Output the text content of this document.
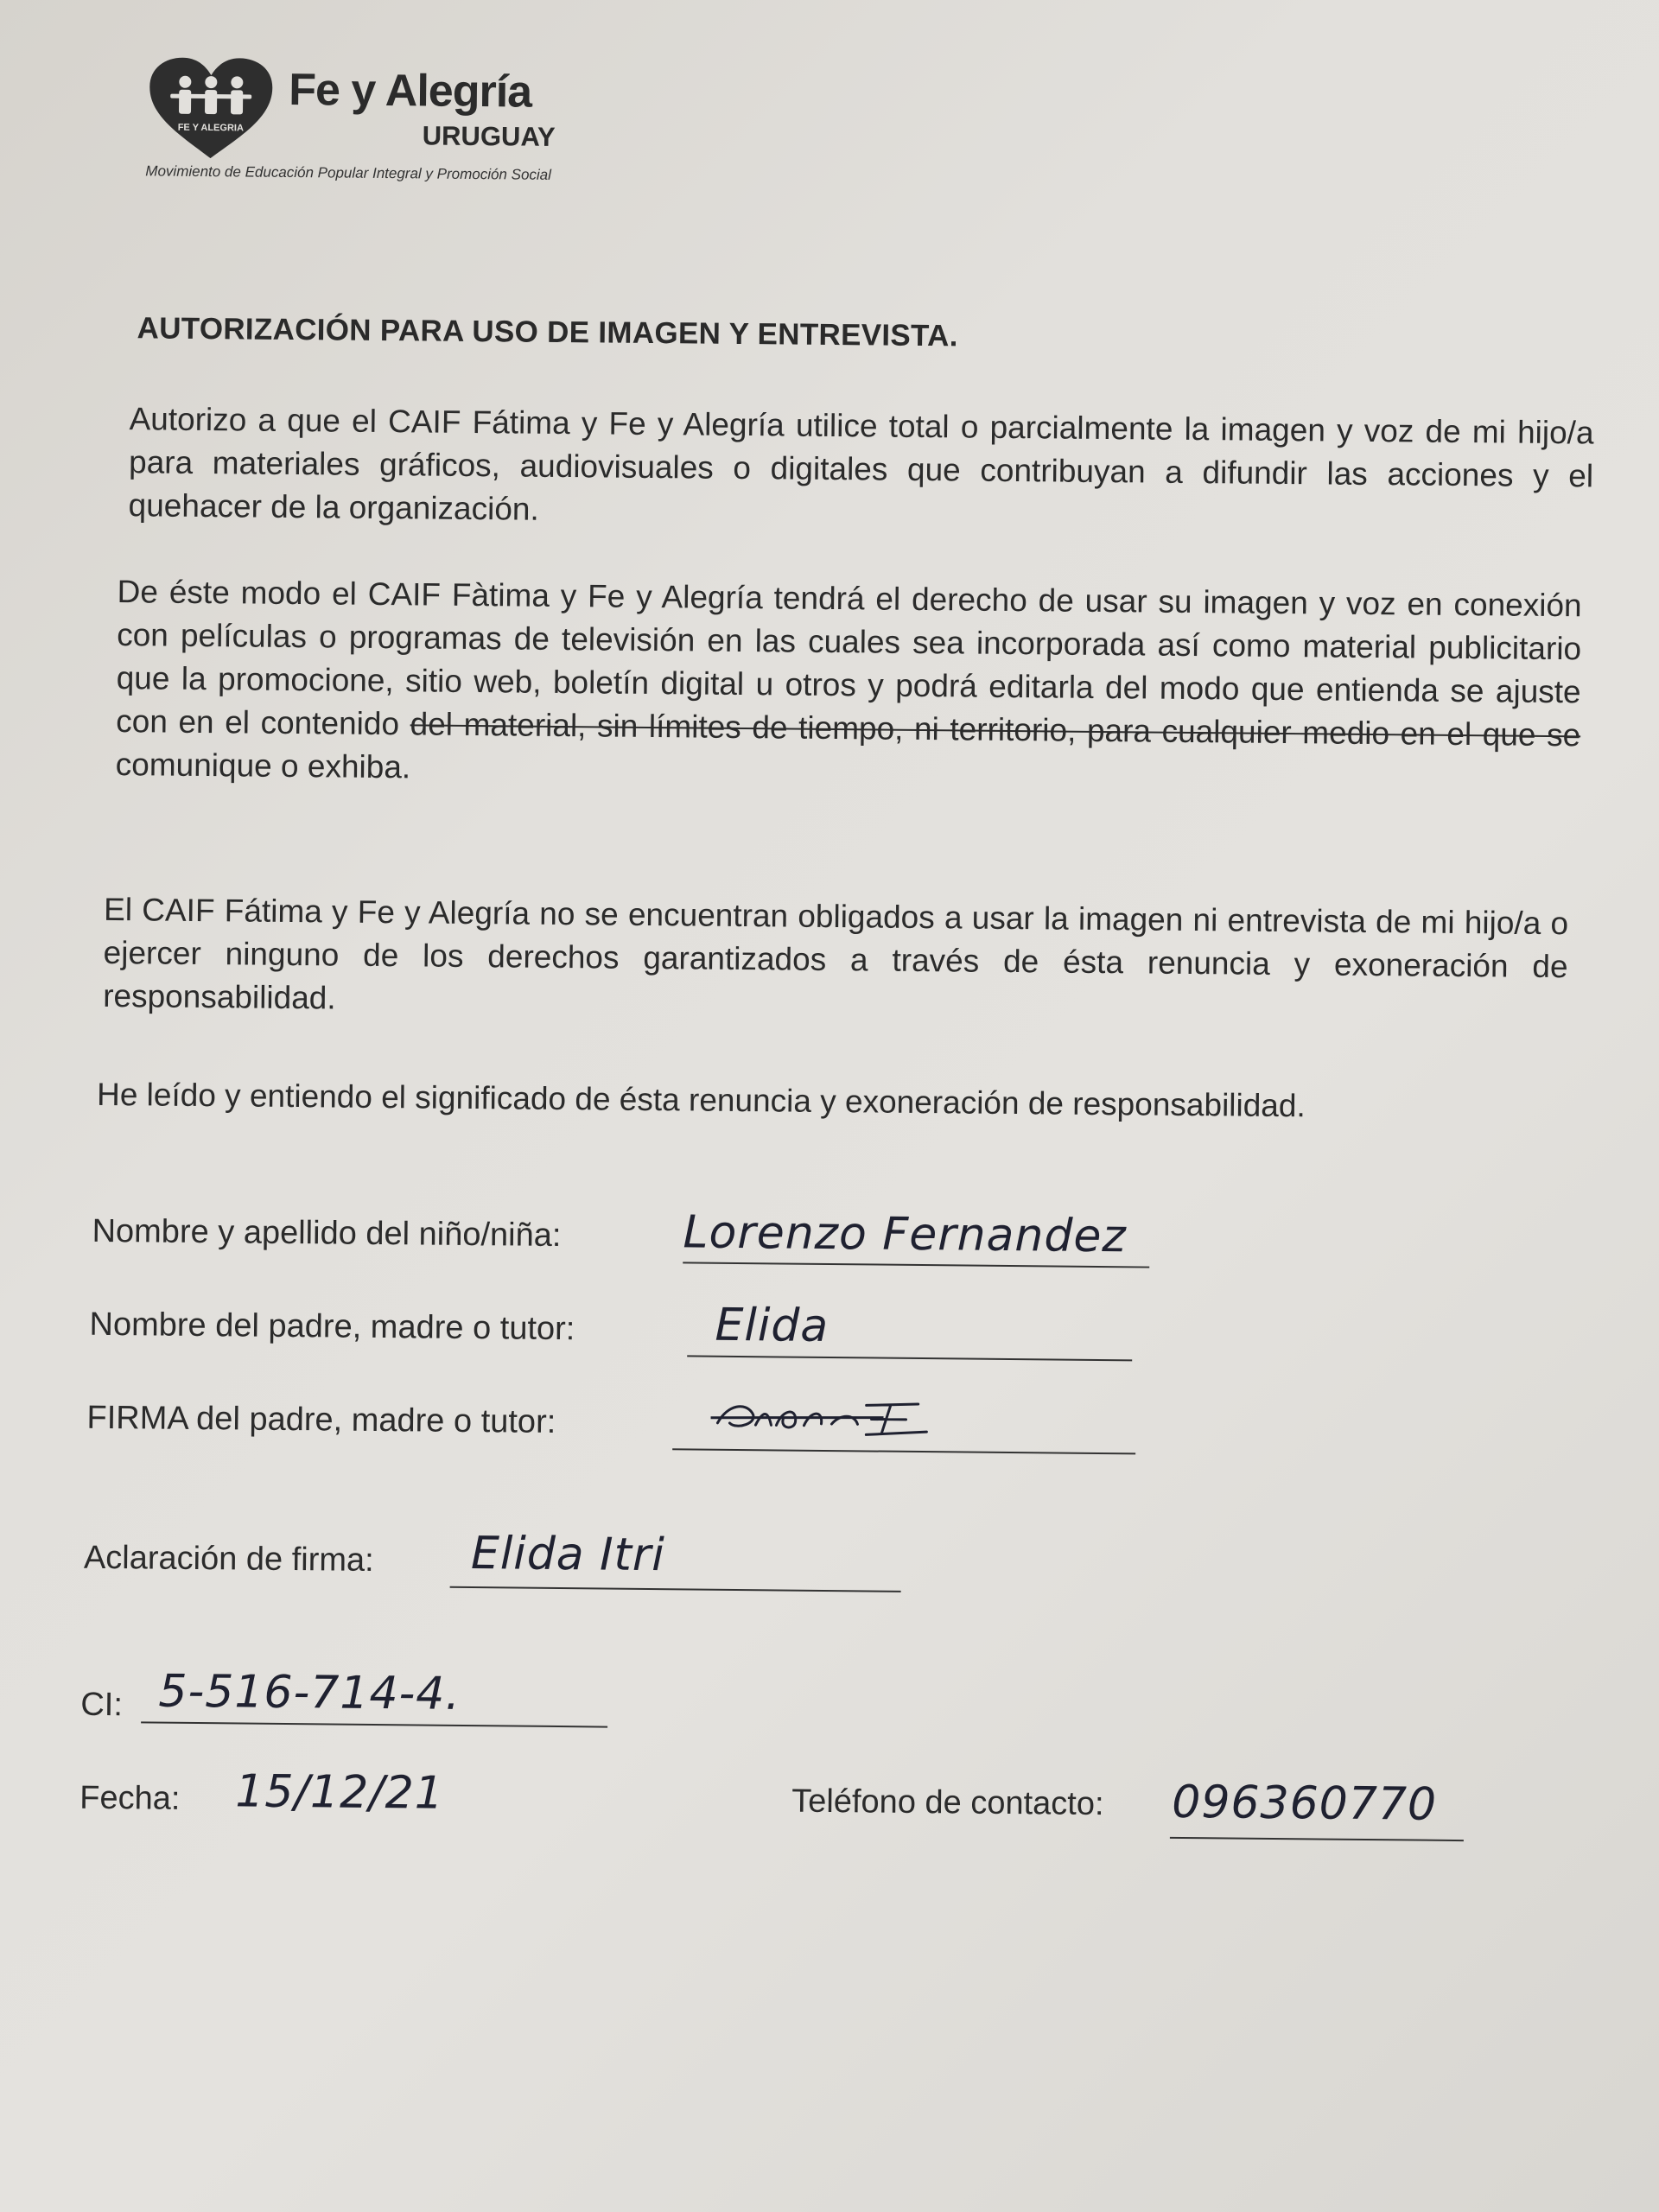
FE Y ALEGRIA
Fe y Alegría
URUGUAY
Movimiento de Educación Popular Integral y Promoción Social
AUTORIZACIÓN PARA USO DE IMAGEN Y ENTREVISTA.
Autorizo a que el CAIF Fátima y Fe y Alegría utilice total o parcialmente la imagen y voz de mi hijo/a para materiales gráficos, audiovisuales o digitales que contribuyan a difundir las acciones y el quehacer de la organización.
De éste modo el CAIF Fàtima y Fe y Alegría tendrá el derecho de usar su imagen y voz en conexión con películas o programas de televisión en las cuales sea incorporada así como material publicitario que la promocione, sitio web, boletín digital u otros y podrá editarla del modo que entienda se ajuste con en el contenido del material, sin límites de tiempo, ni territorio, para cualquier medio en el que se comunique o exhiba.
El CAIF Fátima y Fe y Alegría no se encuentran obligados a usar la imagen ni entrevista de mi hijo/a o ejercer ninguno de los derechos garantizados a través de ésta renuncia y exoneración de responsabilidad.
He leído y entiendo el significado de ésta renuncia y exoneración de responsabilidad.
Nombre y apellido del niño/niña:	Lorenzo Fernandez
Nombre del padre, madre o tutor:	Elida
FIRMA del padre, madre o tutor:
Aclaración de firma: Elida Itri
CI: 5-516-714-4.
Fecha: 15/12/21	Teléfono de contacto: 096360770
